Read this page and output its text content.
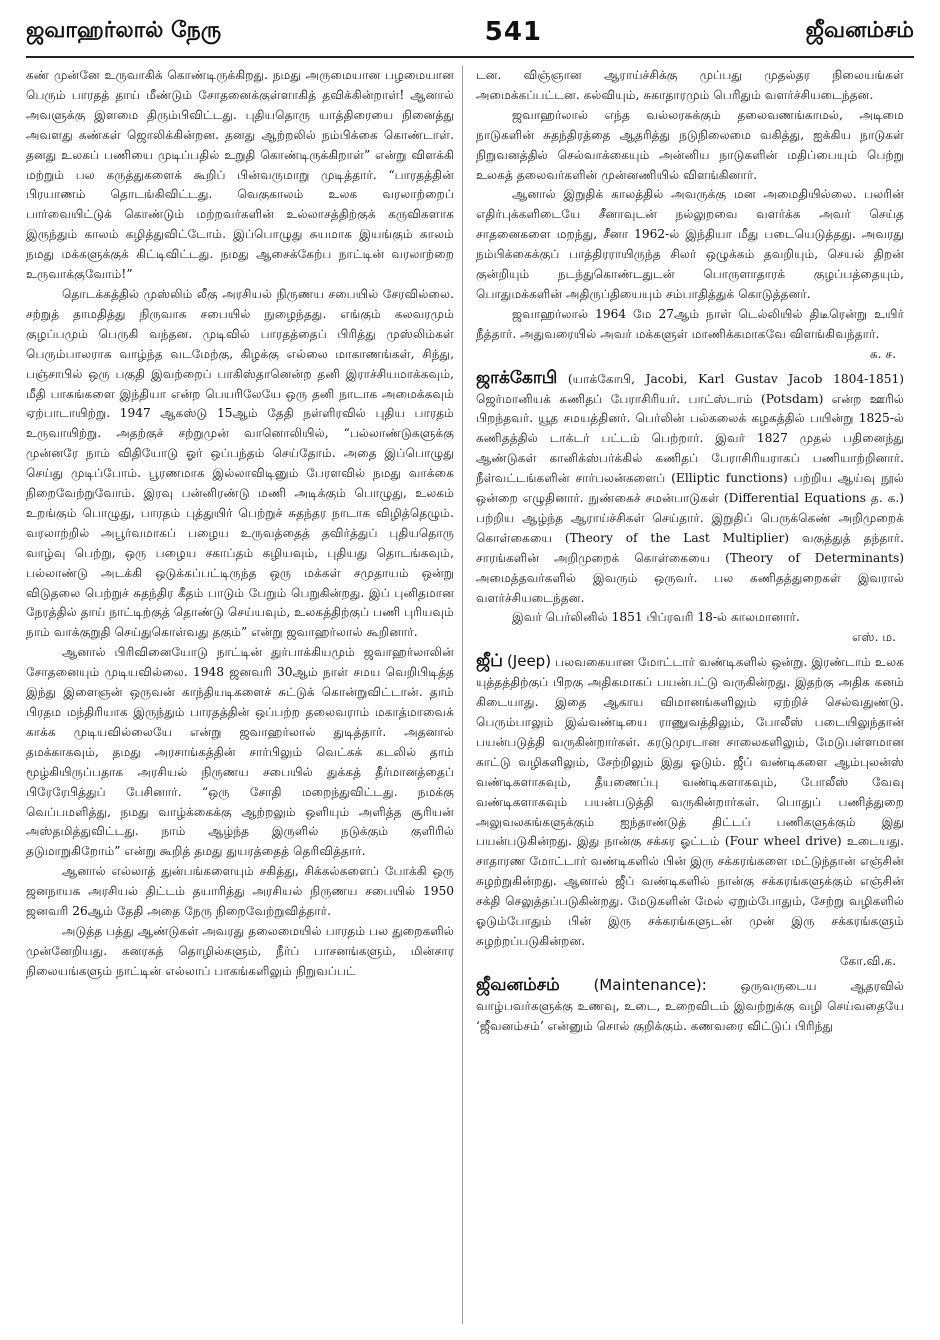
ஜவாஹர்லால் நேரு	541	ஜீவனம்சம்

கண் முன்னே உருவாகிக் கொண்டிருக்கிறது. நமது அருமையான பழமையான பெரும் பாரதத் தாய் மீண்டும் சோதனைக்குள்ளாகித் தவிக்கின்றாள்! ஆனால் அவளுக்கு இளமை திரும்பிவிட்டது. புதியதொரு யாத்திரையை நினைத்து அவளது கண்கள் ஜொலிக்கின்றன. தனது ஆற்றலில் நம்பிக்கை கொண்டாள். தனது உலகப் பணியை முடிப்பதில் உறுதி கொண்டிருக்கிறாள்” என்று விளக்கி மற்றும் பல கருத்துகளைக் கூறிப் பின்வருமாறு முடித்தார். “பாரதத்தின் பிரயாணம் தொடங்கிவிட்டது. வெகுகாலம் உலக வரலாற்றைப் பார்வையிட்டுக் கொண்டும் மற்றவர்களின் உல்லாசத்திற்குக் கருவிகளாக இருந்தும் காலம் கழித்துவிட்டோம். இப்பொழுது சுயமாக இயங்கும் காலம் நமது மக்களுக்குக் கிட்டிவிட்டது. நமது ஆசைக்கேற்ப நாட்டின் வரலாற்றை உருவாக்குவோம்!”

தொடக்கத்தில் முஸ்லிம் லீகு அரசியல் நிருணய சபையில் சேரவில்லை. சற்றுத் தாமதித்து நிருவாக சபையில் நுழைந்தது. எங்கும் கலவரமும் குழப்பமும் பெருகி வந்தன. முடிவில் பாரதத்தைப் பிரித்து முஸ்லிம்கள் பெரும்பாலராக வாழ்ந்த வடமேற்கு, கிழக்கு எல்லை மாகாணங்கள், சிந்து, பஞ்சாபில் ஒரு பகுதி இவற்றைப் பாகிஸ்தானென்ற தனி இராச்சியமாக்கவும், மீதி பாகங்களை இந்தியா என்ற பெயரிலேயே ஒரு தனி நாடாக அமைக்கவும் ஏற்பாடாயிற்று. 1947 ஆகஸ்டு 15ஆம் தேதி நள்ளிரவில் புதிய பாரதம் உருவாயிற்று. அதற்குச் சற்றுமுன் வானொலியில், “பல்லாண்டுகளுக்கு முன்னரே நாம் விதியோடு ஓர் ஒப்பந்தம் செய்தோம். அதை இப்பொழுது செய்து முடிப்போம். பூரணமாக இல்லாவிடினும் பேரளவில் நமது வாக்கை நிறைவேற்றுவோம். இரவு பன்னிரண்டு மணி அடிக்கும் பொழுது, உலகம் உறங்கும் பொழுது, பாரதம் புத்துயிர் பெற்றுச் சுதந்தர நாடாக விழித்தெழும். வரலாற்றில் அபூர்வமாகப் பழைய உருவத்தைத் தவிர்த்துப் புதியதொரு வாழ்வு பெற்று, ஒரு பழைய சகாப்தம் கழியவும், புதியது தொடங்கவும், பல்லாண்டு அடக்கி ஒடுக்கப்பட்டிருந்த ஒரு மக்கள் சமுதாயம் ஒன்று விடுதலை பெற்றுச் சுதந்திர கீதம் பாடும் பேறும் பெறுகின்றது. இப் புனிதமான நேரத்தில் தாய் நாட்டிற்குத் தொண்டு செய்யவும், உலகத்திற்குப் பணி புரியவும் நாம் வாக்குறுதி செய்துகொள்வது தகும்” என்று ஜவாஹர்லால் கூறினார்.

ஆனால் பிரிவினையோடு நாட்டின் துர்பாக்கியமும் ஜவாஹர்லாலின் சோதனையும் முடியவில்லை. 1948 ஜனவரி 30ஆம் நாள் சமய வெறிபிடித்த இந்து இளைஞன் ஒருவன் காந்தியடிகளைச் சுட்டுக் கொன்றுவிட்டான். தாம் பிரதம மந்திரியாக இருந்தும் பாரதத்தின் ஒப்பற்ற தலைவராம் மகாத்மாவைக் காக்க முடியவில்லையே என்று ஜவாஹர்லால் துடித்தார். அதனால் தமக்காகவும், தமது அரசாங்கத்தின் சார்பிலும் வெட்கக் கடலில் தாம் மூழ்கியிருப்பதாக அரசியல் நிருணய சபையில் துக்கத் தீர்மானத்தைப் பிரேரேபித்துப் பேசினார். “ஒரு சோதி மறைந்துவிட்டது. நமக்கு வெப்பமளித்து, நமது வாழ்க்கைக்கு ஆற்றலும் ஒளியும் அளித்த சூரியன் அஸ்தமித்துவிட்டது. நாம் ஆழ்ந்த இருளில் நடுக்கும் குளிரில் தடுமாறுகிறோம்” என்று கூறித் தமது துயரத்தைத் தெரிவித்தார்.

ஆனால் எல்லாத் துன்பங்களையும் சகித்து, சிக்கல்களைப் போக்கி ஒரு ஜனநாயக அரசியல் திட்டம் தயாரித்து அரசியல் நிருணய சபையில் 1950 ஜனவரி 26ஆம் தேதி அதை நேரு நிறைவேற்றுவித்தார்.

அடுத்த பத்து ஆண்டுகள் அவரது தலைமையில் பாரதம் பல துறைகளில் முன்னேறியது. கனரகத் தொழில்களும், நீர்ப் பாசனங்களும், மின்சார நிலையங்களும் நாட்டின் எல்லாப் பாகங்களிலும் நிறுவப்பட்

டன. விஞ்ஞான ஆராய்ச்சிக்கு முப்பது முதல்தர நிலையங்கள் அமைக்கப்பட்டன. கல்வியும், சுகாதாரமும் பெரிதும் வளர்ச்சியடைந்தன.

ஜவாஹர்லால் எந்த வல்லரசுக்கும் தலைவணங்காமல், அடிமை நாடுகளின் சுதந்திரத்தை ஆதரித்து நடுநிலைமை வகித்து, ஐக்கிய நாடுகள் நிறுவனத்தில் செல்வாக்கையும் அன்னிய நாடுகளின் மதிப்பையும் பெற்று உலகத் தலைவர்களின் முன்னணியில் விளங்கினார்.

ஆனால் இறுதிக் காலத்தில் அவருக்கு மன அமைதியில்லை. பலரின் எதிர்புக்களிடையே சீனாவுடன் நல்லுறவை வளர்க்க அவர் செய்த சாதனைகளை மறந்து, சீனா 1962-ல் இந்தியா மீது படையெடுத்தது. அவரது நம்பிக்கைக்குப் பாத்திரராயிருந்த சிலர் ஒழுக்கம் தவறியும், செயல் திறன் குன்றியும் நடந்துகொண்டதுடன் பொருளாதாரக் குழப்பத்தையும், பொதுமக்களின் அதிருப்தியையும் சம்பாதித்துக் கொடுத்தனர்.

ஜவாஹர்லால் 1964 மே 27ஆம் நாள் டெல்லியில் திடீரென்று உயிர் நீத்தார். அதுவரையில் அவர் மக்களுள் மாணிக்கமாகவே விளங்கிவந்தார்.

க. ச.

ஜாக்கோபி (யாக்கோபி, Jacobi, Karl Gustav Jacob 1804-1851) ஜெர்மானியக் கணிதப் பேராசிரியர். பாட்ஸ்டாம் (Potsdam) என்ற ஊரில் பிறந்தவர். யூத சமயத்தினர். பெர்லின் பல்கலைக் கழகத்தில் பயின்று 1825-ல் கணிதத்தில் டாக்டர் பட்டம் பெற்றார். இவர் 1827 முதல் பதினைந்து ஆண்டுகள் கானிக்ஸ்பர்க்கில் கணிதப் பேராசிரியராகப் பணியாற்றினார். நீள்வட்டங்களின் சார்பலன்களைப் (Elliptic functions) பற்றிய ஆய்வு நூல் ஒன்றை எழுதினார். நுண்கைச் சமன்பாடுகள் (Differential Equations த. க.) பற்றிய ஆழ்ந்த ஆராய்ச்சிகள் செய்தார். இறுதிப் பெருக்கெண் அறிமுறைக் கொள்கையை (Theory of the Last Multiplier) வகுத்துத் தந்தார். சாரங்களின் அறிமுறைக் கொள்கையை (Theory of Determinants) அமைத்தவர்களில் இவரும் ஒருவர். பல கணிதத்துறைகள் இவரால் வளர்ச்சியடைந்தன.

இவர் பெர்லினில் 1851 பிப்ரவரி 18-ல் காலமானார்.

எஸ். ம.

ஜீப் (Jeep) பலவகையான மோட்டார் வண்டிகளில் ஒன்று. இரண்டாம் உலக யுத்தத்திற்குப் பிறகு அதிகமாகப் பயன்பட்டு வருகின்றது. இதற்கு அதிக கனம் கிடையாது. இதை ஆகாய விமானங்களிலும் ஏற்றிச் செல்வதுண்டு. பெரும்பாலும் இவ்வண்டியை ராணுவத்திலும், போலீஸ் படையிலுந்தான் பயன்படுத்தி வருகின்றார்கள். கரடுமுரடான சாலைகளிலும், மேடுபள்ளமான காட்டு வழிகளிலும், சேற்றிலும் இது ஓடும். ஜீப் வண்டிகளை ஆம்புலன்ஸ் வண்டிகளாகவும், தீயணைப்பு வண்டிகளாகவும், போலீஸ் வேவு வண்டிகளாகவும் பயன்படுத்தி வருகின்றார்கள். பொதுப் பணித்துறை அலுவலகங்களுக்கும் ஐந்தாண்டுத் திட்டப் பணிகளுக்கும் இது பயன்படுகின்றது. இது நான்கு சக்கர ஓட்டம் (Four wheel drive) உடையது. சாதாரண மோட்டார் வண்டிகளில் பின் இரு சக்கரங்களை மட்டுந்தான் எஞ்சின் சுழற்றுகின்றது. ஆனால் ஜீப் வண்டிகளில் நான்கு சக்கரங்களுக்கும் எஞ்சின் சக்தி செலுத்தப்படுகின்றது. மேடுகளின் மேல் ஏறும்போதும், சேற்று வழிகளில் ஓடும்போதும் பின் இரு சக்கரங்களுடன் முன் இரு சக்கரங்களும் சுழற்றப்படுகின்றன.

கோ.வி.க.

ஜீவனம்சம் (Maintenance):	ஒருவருடைய ஆதரவில் வாழ்பவர்களுக்கு உணவு, உடை, உறைவிடம் இவற்றுக்கு வழி செய்வதையே ‘ஜீவனம்சம்’ என்னும் சொல் குறிக்கும். கணவரை விட்டுப் பிரிந்து
